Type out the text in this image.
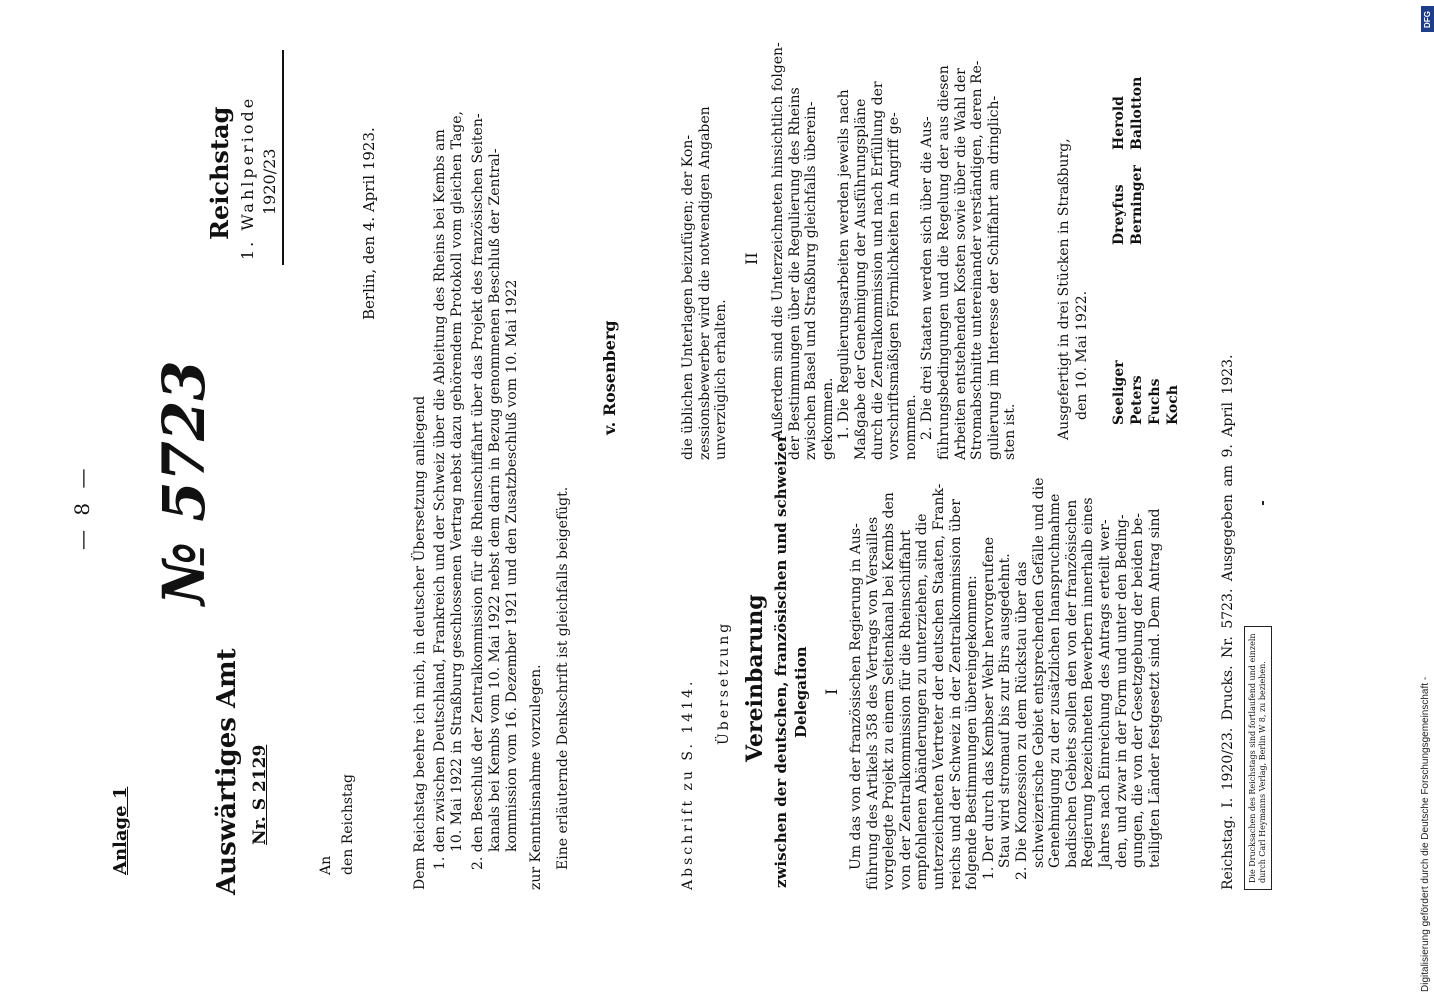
— 8 — № 5723
Anlage 1	Auswärtiges Amt Nr. S 2129
Reichstag 1. Wahlperiode 1920/23
An den Reichstag
Berlin, den 4. April 1923.
Dem Reichstag beehre ich mich, in deutscher Übersetzung anliegend 1. den zwischen Deutschland, Frankreich und der Schweiz über die Ableitung des Rheins bei Kembs am 10. Mai 1922 in Straßburg geschlossenen Vertrag nebst dazu gehörendem Protokoll vom gleichen Tage, 2. den Beschluß der Zentralkommission für die Rheinschiffahrt über das Projekt des französischen Seiten- kanals bei Kembs vom 10. Mai 1922 nebst dem darin in Bezug genommenen Beschluß der Zentral- kommission vom 16. Dezember 1921 und den Zusatzbeschluß vom 10. Mai 1922 zur Kenntnisnahme vorzulegen. Eine erläuternde Denkschrift ist gleichfalls beigefügt.
v. Rosenberg
Abschrift zu S. 1414. Übersetzung Vereinbarung zwischen der deutschen, französischen und schweizer Delegation I Um das von der französischen Regierung in Aus- führung des Artikels 358 des Vertrags von Versailles vorgelegte Projekt zu einem Seitenkanal bei Kembs den von der Zentralkommission für die Rheinschiffahrt empfohlenen Abänderungen zu unterziehen, sind die unterzeichneten Vertreter der deutschen Staaten, Frank- reichs und der Schweiz in der Zentralkommission über folgende Bestimmungen übereingekommen: 1. Der durch das Kembser Wehr hervorgerufene Stau wird stromauf bis zur Birs ausgedehnt. 2. Die Konzession zu dem Rückstau über das schweizerische Gebiet entsprechenden Gefälle und die Genehmigung zu der zusätzlichen Inanspruchnahme badischen Gebiets sollen den von der französischen Regierung bezeichneten Bewerbern innerhalb eines Jahres nach Einreichung des Antrags erteilt wer- den, und zwar in der Form und unter den Beding- gungen, die von der Gesetzgebung der beiden be- teiligten Länder festgesetzt sind. Dem Antrag sind
die üblichen Unterlagen beizufügen; der Kon- zessionsbewerber wird die notwendigen Angaben unverzüglich erhalten.
II Außerdem sind die Unterzeichneten hinsichtlich folgen- der Bestimmungen über die Regulierung des Rheins zwischen Basel und Straßburg gleichfalls überein- gekommen. 1. Die Regulierungsarbeiten werden jeweils nach Maßgabe der Genehmigung der Ausführungspläne durch die Zentralkommission und nach Erfüllung der vorschriftsmäßigen Förmlichkeiten in Angriff ge- nommen. 2. Die drei Staaten werden sich über die Aus- führungsbedingungen und die Regelung der aus diesen Arbeiten entstehenden Kosten sowie über die Wahl der Stromabschnitte untereinander verständigen, deren Re- gulierung im Interesse der Schiffahrt am dringlich- sten ist.	Ausgefertigt in drei Stücken in Straßburg, den 10. Mai 1922. Seeliger Peters Fuchs Koch
Dreyfus Berninger
Herold Ballotton
Reichstag. I. 1920/23. Drucks. Nr. 5723. Ausgegeben am 9. April 1923. Die Drucksachen des Reichstags sind fortlaufend und einzeln durch Carl Heymanns Verlag, Berlin W 8, zu beziehen.	Digitalisierung gefördert durch die Deutsche Forschungsgemeinschaft -
DFG
